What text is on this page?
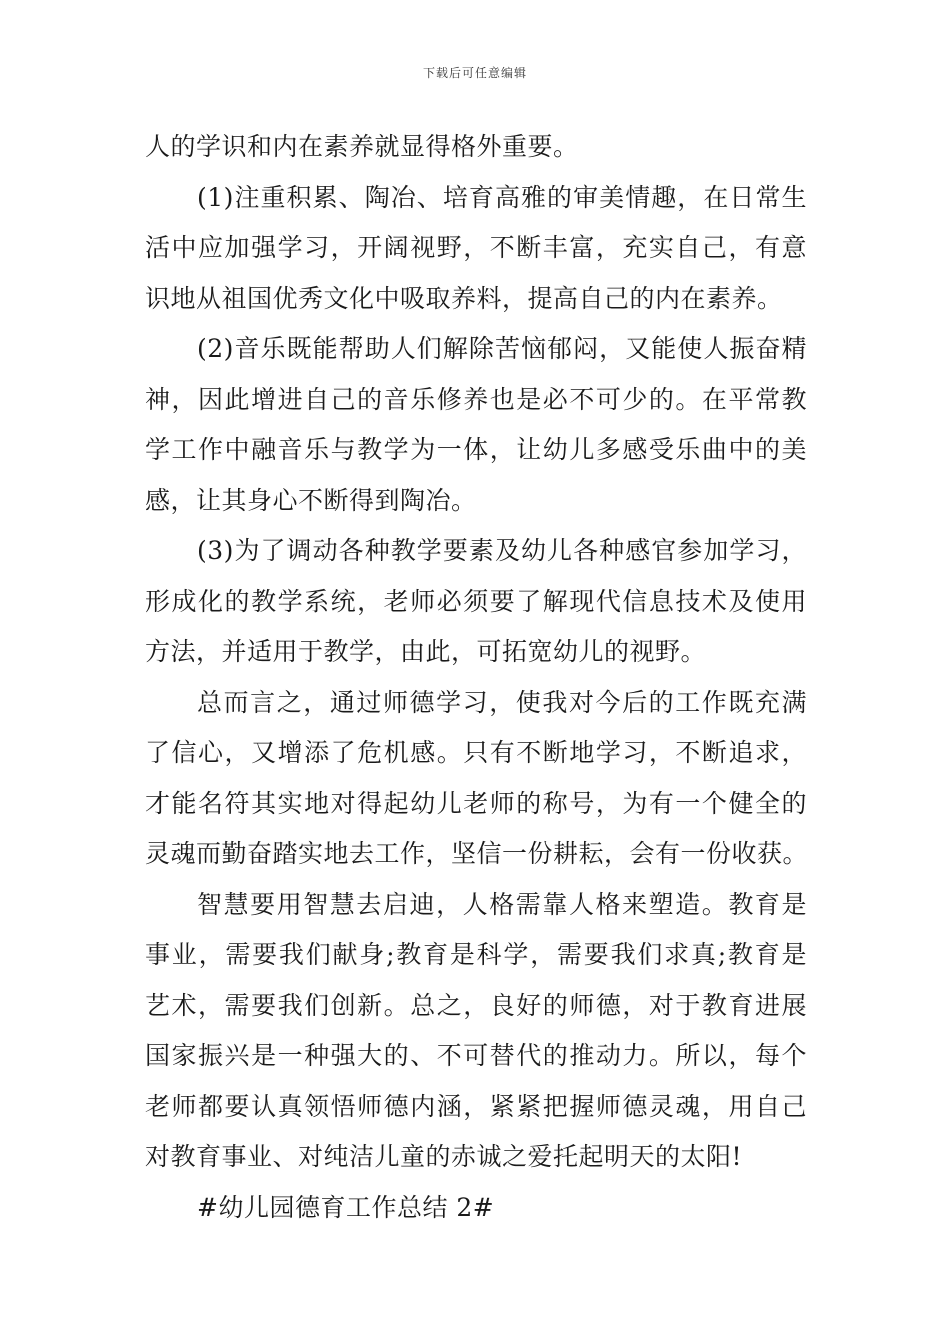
下载后可任意编辑
人的学识和内在素养就显得格外重要。
(1)注重积累、陶冶、培育高雅的审美情趣，在日常生
活中应加强学习，开阔视野，不断丰富，充实自己，有意
识地从祖国优秀文化中吸取养料，提高自己的内在素养。
(2)音乐既能帮助人们解除苦恼郁闷，又能使人振奋精
神，因此增进自己的音乐修养也是必不可少的。在平常教
学工作中融音乐与教学为一体，让幼儿多感受乐曲中的美
感，让其身心不断得到陶冶。
(3)为了调动各种教学要素及幼儿各种感官参加学习，
形成化的教学系统，老师必须要了解现代信息技术及使用
方法，并适用于教学，由此，可拓宽幼儿的视野。
总而言之，通过师德学习，使我对今后的工作既充满
了信心，又增添了危机感。只有不断地学习，不断追求，
才能名符其实地对得起幼儿老师的称号，为有一个健全的
灵魂而勤奋踏实地去工作，坚信一份耕耘，会有一份收获。
智慧要用智慧去启迪，人格需靠人格来塑造。教育是
事业，需要我们献身;教育是科学，需要我们求真;教育是
艺术，需要我们创新。总之，良好的师德，对于教育进展
国家振兴是一种强大的、不可替代的推动力。所以，每个
老师都要认真领悟师德内涵，紧紧把握师德灵魂，用自己
对教育事业、对纯洁儿童的赤诚之爱托起明天的太阳!
#幼儿园德育工作总结 2#
